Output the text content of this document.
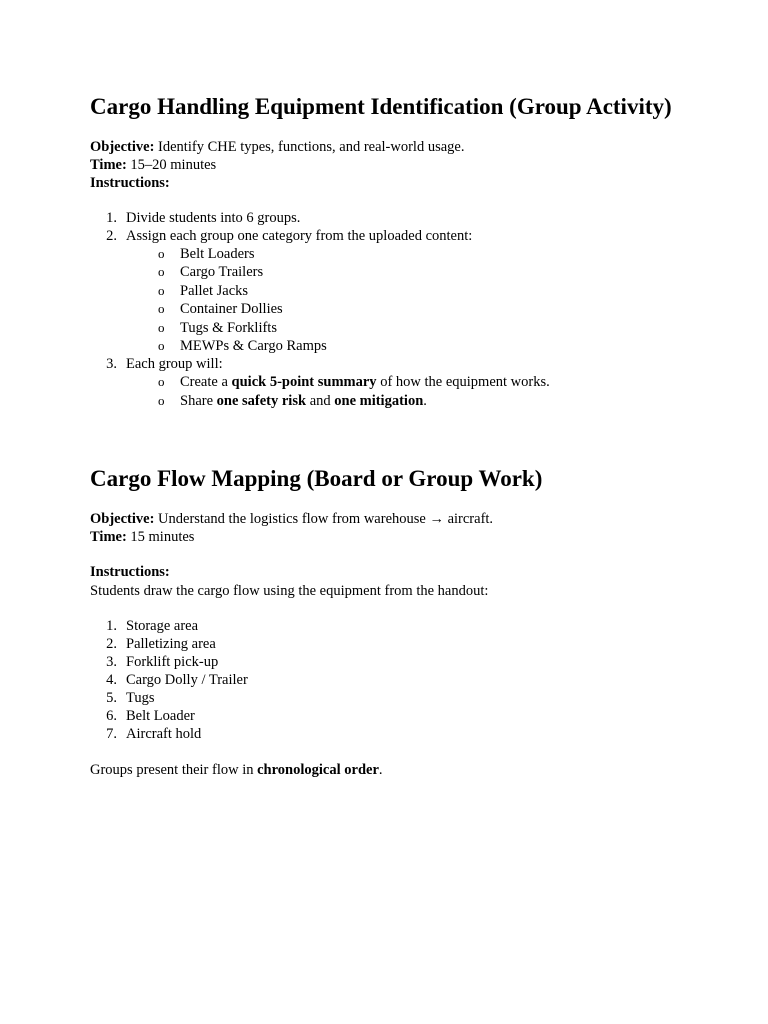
Cargo Handling Equipment Identification (Group Activity)
Objective: Identify CHE types, functions, and real-world usage.
Time: 15–20 minutes
Instructions:
1. Divide students into 6 groups.
2. Assign each group one category from the uploaded content:
o Belt Loaders
o Cargo Trailers
o Pallet Jacks
o Container Dollies
o Tugs & Forklifts
o MEWPs & Cargo Ramps
3. Each group will:
o Create a quick 5-point summary of how the equipment works.
o Share one safety risk and one mitigation.
Cargo Flow Mapping (Board or Group Work)
Objective: Understand the logistics flow from warehouse → aircraft.
Time: 15 minutes
Instructions:
Students draw the cargo flow using the equipment from the handout:
1. Storage area
2. Palletizing area
3. Forklift pick-up
4. Cargo Dolly / Trailer
5. Tugs
6. Belt Loader
7. Aircraft hold
Groups present their flow in chronological order.
